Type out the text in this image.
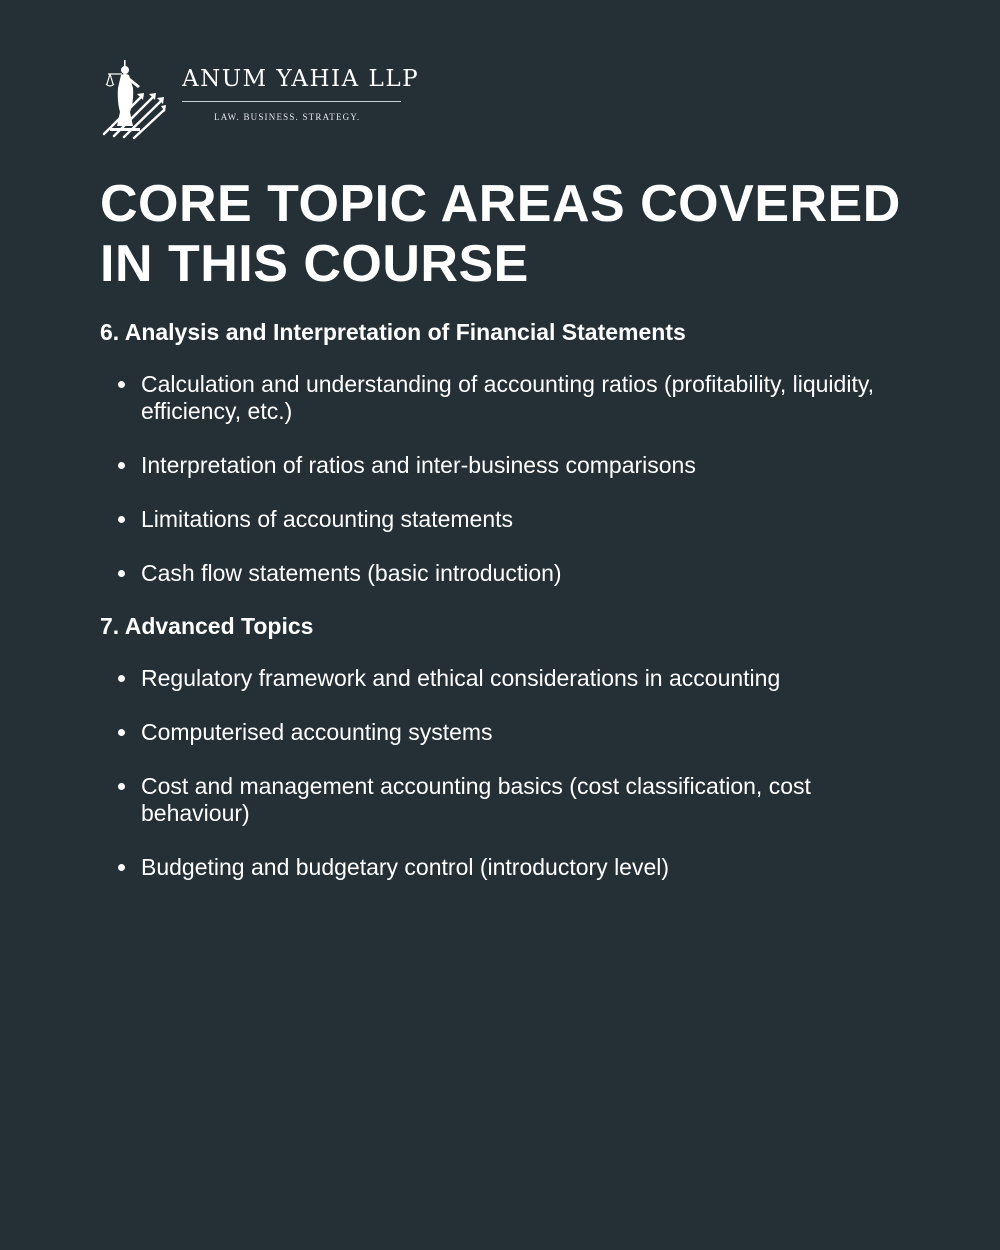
ANUM YAHIA LLP
LAW. BUSINESS. STRATEGY.
CORE TOPIC AREAS COVERED IN THIS COURSE
6. Analysis and Interpretation of Financial Statements
Calculation and understanding of accounting ratios (profitability, liquidity, efficiency, etc.)
Interpretation of ratios and inter-business comparisons
Limitations of accounting statements
Cash flow statements (basic introduction)
7. Advanced Topics
Regulatory framework and ethical considerations in accounting
Computerised accounting systems
Cost and management accounting basics (cost classification, cost behaviour)
Budgeting and budgetary control (introductory level)
